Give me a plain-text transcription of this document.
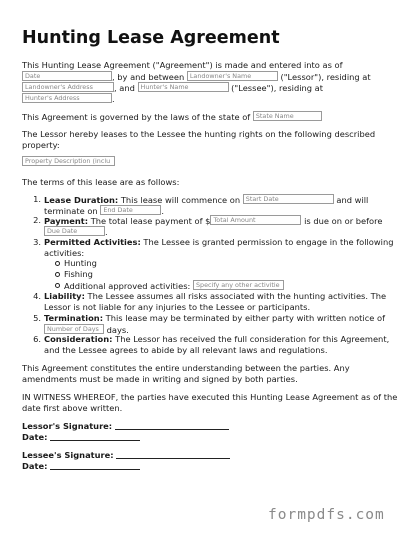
Hunting Lease Agreement
This Hunting Lease Agreement ("Agreement") is made and entered into as of
Date	, by and between Landowner's Name	("Lessor"), residing at
Landowner's Address	, and Hunter's Name	("Lessee"), residing at
Hunter's Address	.
This Agreement is governed by the laws of the state of State Name
The Lessor hereby leases to the Lessee the hunting rights on the following described
property:
Property Description (inclu
The terms of this lease are as follows:
1. Lease Duration: This lease will commence on Start Date	and will
terminate on End Date	.
2. Payment: The total lease payment of $ Total Amount	is due on or before
Due Date	.
3. Permitted Activities: The Lessee is granted permission to engage in the following
activities:
Hunting
Fishing
Additional approved activities: Specify any other activitie
4. Liability: The Lessee assumes all risks associated with the hunting activities. The
Lessor is not liable for any injuries to the Lessee or participants.
5. Termination: This lease may be terminated by either party with written notice of
Number of Days days.
6. Consideration: The Lessor has received the full consideration for this Agreement,
and the Lessee agrees to abide by all relevant laws and regulations.
This Agreement constitutes the entire understanding between the parties. Any
amendments must be made in writing and signed by both parties.
IN WITNESS WHEREOF, the parties have executed this Hunting Lease Agreement as of the
date first above written.
Lessor's Signature:
Date:
Lessee's Signature:
Date:
formpdfs.com
